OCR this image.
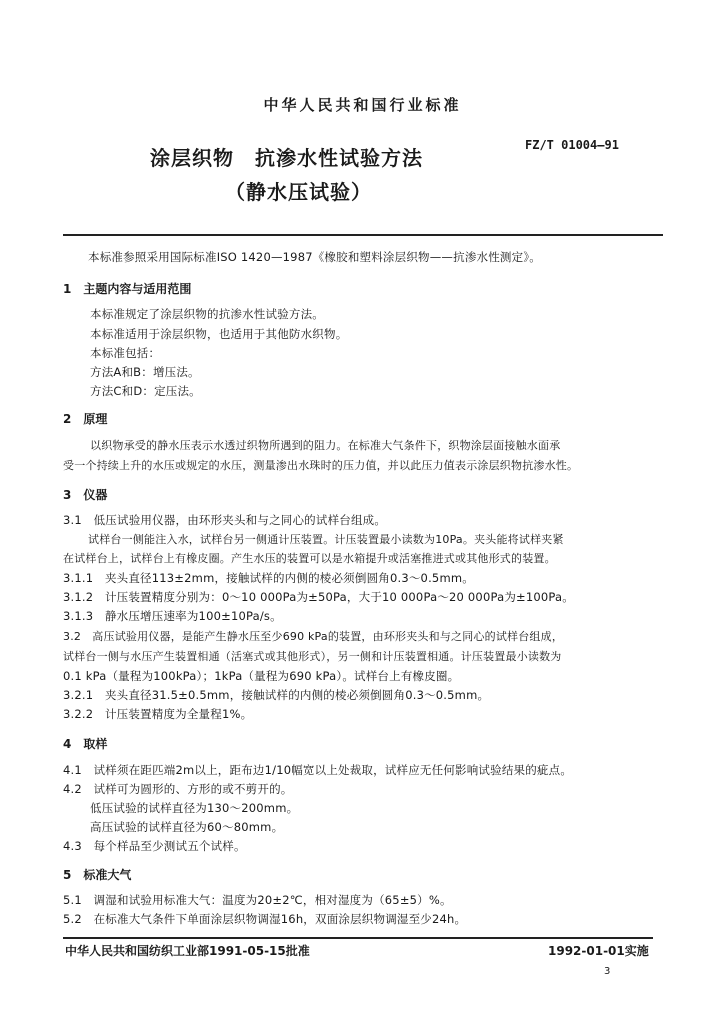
中华人民共和国行业标准
涂层织物　抗渗水性试验方法
（静水压试验）
FZ/T 01004—91
本标准参照采用国际标准ISO 1420—1987《橡胶和塑料涂层织物——抗渗水性测定》。
1　主题内容与适用范围
本标准规定了涂层织物的抗渗水性试验方法。
本标准适用于涂层织物，也适用于其他防水织物。
本标准包括：
方法A和B：增压法。
方法C和D：定压法。
2　原理
以织物承受的静水压表示水透过织物所遇到的阻力。在标准大气条件下，织物涂层面接触水面承
受一个持续上升的水压或规定的水压，测量渗出水珠时的压力值，并以此压力值表示涂层织物抗渗水性。
3　仪器
3.1　低压试验用仪器，由环形夹头和与之同心的试样台组成。
试样台一侧能注入水，试样台另一侧通计压装置。计压装置最小读数为10Pa。夹头能将试样夹紧
在试样台上，试样台上有橡皮圈。产生水压的装置可以是水箱提升或活塞推进式或其他形式的装置。
3.1.1　夹头直径113±2mm，接触试样的内侧的棱必须倒圆角0.3～0.5mm。
3.1.2　计压装置精度分别为：0～10 000Pa为±50Pa，大于10 000Pa～20 000Pa为±100Pa。
3.1.3　静水压增压速率为100±10Pa/s。
3.2　高压试验用仪器，是能产生静水压至少690 kPa的装置，由环形夹头和与之同心的试样台组成，
试样台一侧与水压产生装置相通（活塞式或其他形式），另一侧和计压装置相通。计压装置最小读数为
0.1 kPa（量程为100kPa）；1kPa（量程为690 kPa）。试样台上有橡皮圈。
3.2.1　夹头直径31.5±0.5mm，接触试样的内侧的棱必须倒圆角0.3～0.5mm。
3.2.2　计压装置精度为全量程1%。
4　取样
4.1　试样须在距匹端2m以上，距布边1/10幅宽以上处裁取，试样应无任何影响试验结果的疵点。
4.2　试样可为圆形的、方形的或不剪开的。
低压试验的试样直径为130～200mm。
高压试验的试样直径为60～80mm。
4.3　每个样品至少测试五个试样。
5　标准大气
5.1　调湿和试验用标准大气：温度为20±2℃，相对湿度为（65±5）%。
5.2　在标准大气条件下单面涂层织物调湿16h，双面涂层织物调湿至少24h。
中华人民共和国纺织工业部1991-05-15批准	1992-01-01实施
3
